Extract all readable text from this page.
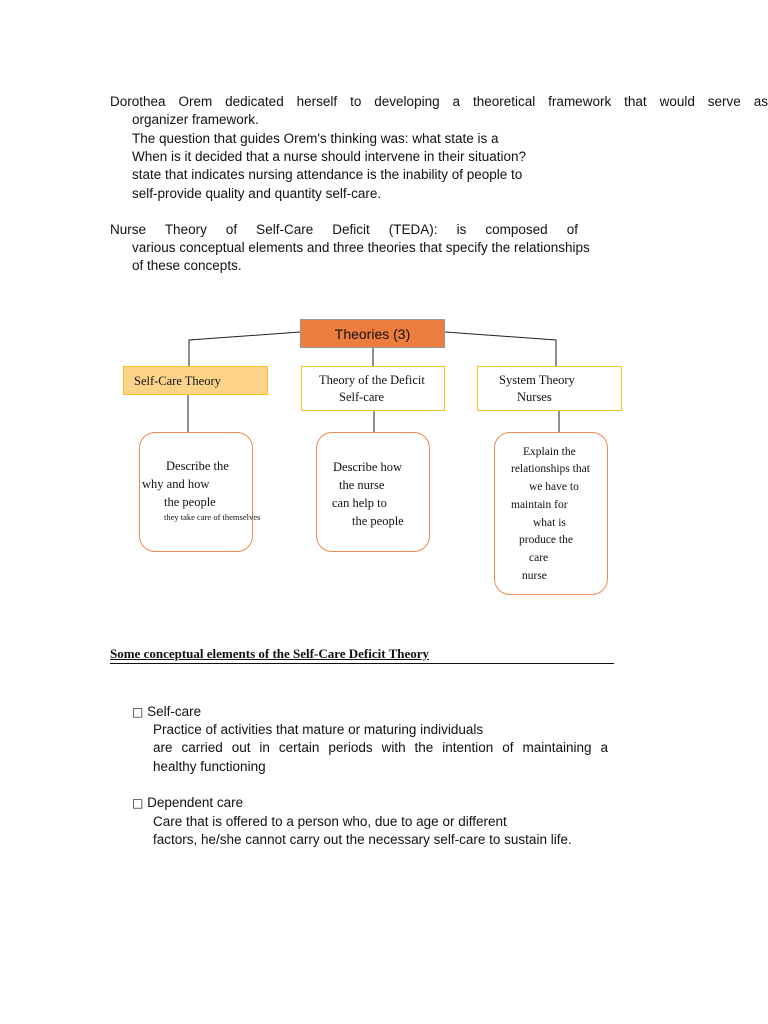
Dorothea Orem dedicated herself to developing a theoretical framework that would serve as
organizer framework.
The question that guides Orem's thinking was: what state is a
When is it decided that a nurse should intervene in their situation?
state that indicates nursing attendance is the inability of people to
self-provide quality and quantity self-care.
Nurse Theory of Self-Care Deficit (TEDA): is composed of
various conceptual elements and three theories that specify the relationships
of these concepts.
Theories (3)
Self-Care Theory	Theory of the Deficit
Self-care
System Theory
Nurses
Describe the
why and how
the people
they take care of themselves
Describe how
the nurse
can help to
the people
Explain the
relationships that
we have to
maintain for
what is
produce the
care
nurse
Some conceptual elements of the Self-Care Deficit Theory
□ Self-care
Practice of activities that mature or maturing individuals
are carried out in certain periods with the intention of maintaining a
healthy functioning
□ Dependent care
Care that is offered to a person who, due to age or different
factors, he/she cannot carry out the necessary self-care to sustain life.
